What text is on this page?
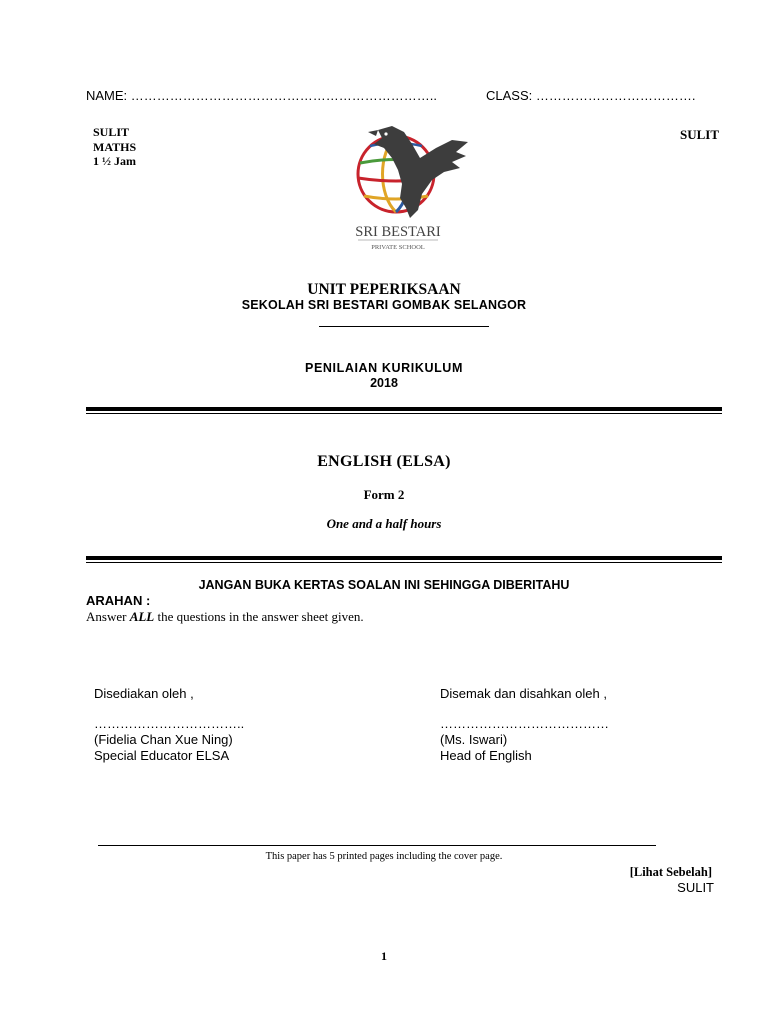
NAME: ……………………………………………………………..	CLASS: ……………………………….
SULIT
MATHS
1 ½ Jam
SULIT
SRI BESTARI
PRIVATE SCHOOL
UNIT PEPERIKSAAN
SEKOLAH SRI BESTARI GOMBAK SELANGOR
PENILAIAN KURIKULUM
2018
ENGLISH (ELSA)
Form 2
One and a half hours
JANGAN BUKA KERTAS SOALAN INI SEHINGGA DIBERITAHU
ARAHAN :
Answer ALL the questions in the answer sheet given.
Disediakan oleh ,
……………………………..
(Fidelia Chan Xue Ning)
Special Educator ELSA
Disemak dan disahkan oleh ,
…………………………………
(Ms. Iswari)
Head of English
This paper has 5 printed pages including the cover page.
[Lihat Sebelah]
SULIT
1
